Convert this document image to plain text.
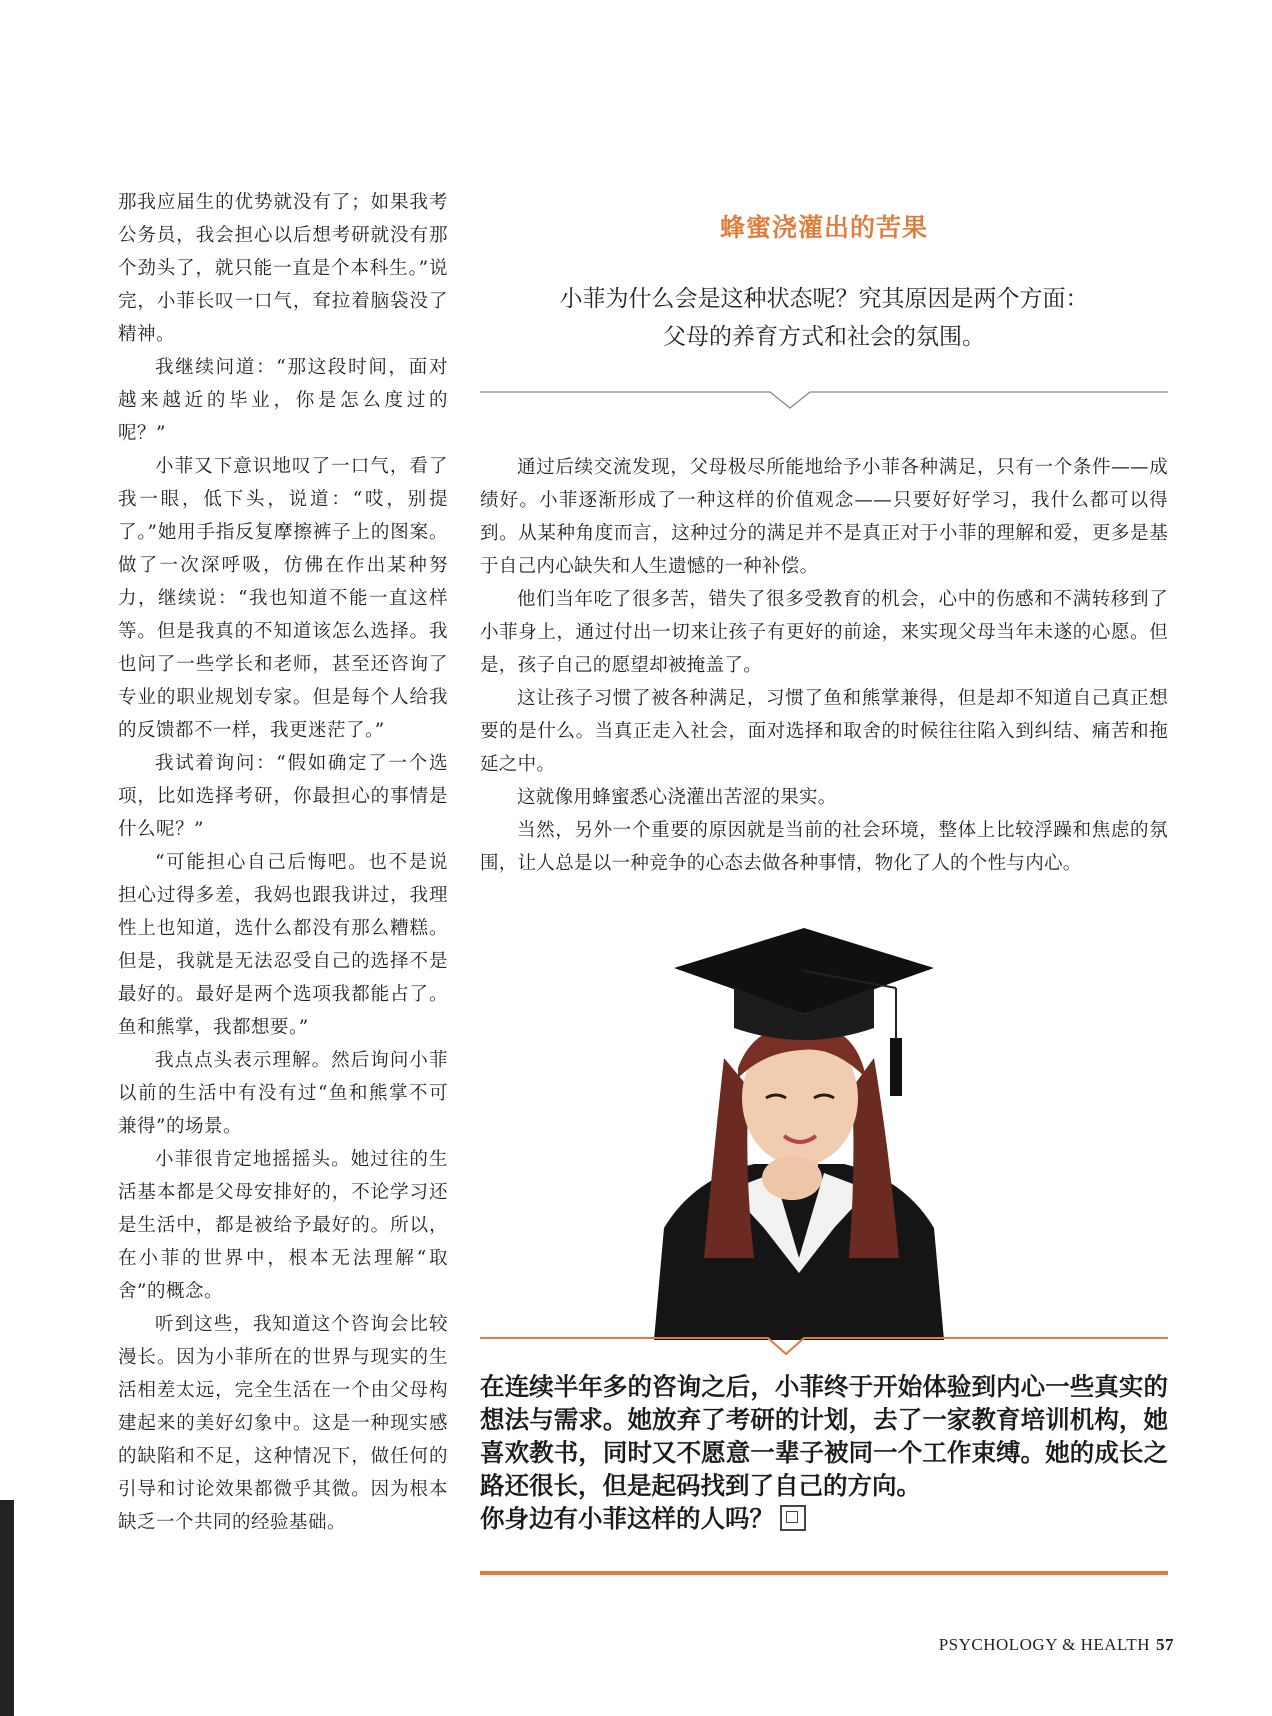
那我应届生的优势就没有了；如果我考公务员，我会担心以后想考研就没有那个劲头了，就只能一直是个本科生。”说完，小菲长叹一口气，耷拉着脑袋没了精神。

我继续问道：“那这段时间，面对越来越近的毕业，你是怎么度过的呢？”

小菲又下意识地叹了一口气，看了我一眼，低下头，说道：“哎，别提了。”她用手指反复摩擦裤子上的图案。做了一次深呼吸，仿佛在作出某种努力，继续说：“我也知道不能一直这样等。但是我真的不知道该怎么选择。我也问了一些学长和老师，甚至还咨询了专业的职业规划专家。但是每个人给我的反馈都不一样，我更迷茫了。”

我试着询问：“假如确定了一个选项，比如选择考研，你最担心的事情是什么呢？”

“可能担心自己后悔吧。也不是说担心过得多差，我妈也跟我讲过，我理性上也知道，选什么都没有那么糟糕。但是，我就是无法忍受自己的选择不是最好的。最好是两个选项我都能占了。鱼和熊掌，我都想要。”

我点点头表示理解。然后询问小菲以前的生活中有没有过“鱼和熊掌不可兼得”的场景。

小菲很肯定地摇摇头。她过往的生活基本都是父母安排好的，不论学习还是生活中，都是被给予最好的。所以，在小菲的世界中，根本无法理解“取舍”的概念。

听到这些，我知道这个咨询会比较漫长。因为小菲所在的世界与现实的生活相差太远，完全生活在一个由父母构建起来的美好幻象中。这是一种现实感的缺陷和不足，这种情况下，做任何的引导和讨论效果都微乎其微。因为根本缺乏一个共同的经验基础。

蜂蜜浇灌出的苦果
小菲为什么会是这种状态呢？究其原因是两个方面：
父母的养育方式和社会的氛围。

通过后续交流发现，父母极尽所能地给予小菲各种满足，只有一个条件——成绩好。小菲逐渐形成了一种这样的价值观念——只要好好学习，我什么都可以得到。从某种角度而言，这种过分的满足并不是真正对于小菲的理解和爱，更多是基于自己内心缺失和人生遗憾的一种补偿。

他们当年吃了很多苦，错失了很多受教育的机会，心中的伤感和不满转移到了小菲身上，通过付出一切来让孩子有更好的前途，来实现父母当年未遂的心愿。但是，孩子自己的愿望却被掩盖了。

这让孩子习惯了被各种满足，习惯了鱼和熊掌兼得，但是却不知道自己真正想要的是什么。当真正走入社会，面对选择和取舍的时候往往陷入到纠结、痛苦和拖延之中。

这就像用蜂蜜悉心浇灌出苦涩的果实。

当然，另外一个重要的原因就是当前的社会环境，整体上比较浮躁和焦虑的氛围，让人总是以一种竞争的心态去做各种事情，物化了人的个性与内心。

在连续半年多的咨询之后，小菲终于开始体验到内心一些真实的想法与需求。她放弃了考研的计划，去了一家教育培训机构，她喜欢教书，同时又不愿意一辈子被同一个工作束缚。她的成长之路还很长，但是起码找到了自己的方向。

你身边有小菲这样的人吗？

PSYCHOLOGY & HEALTH 57
